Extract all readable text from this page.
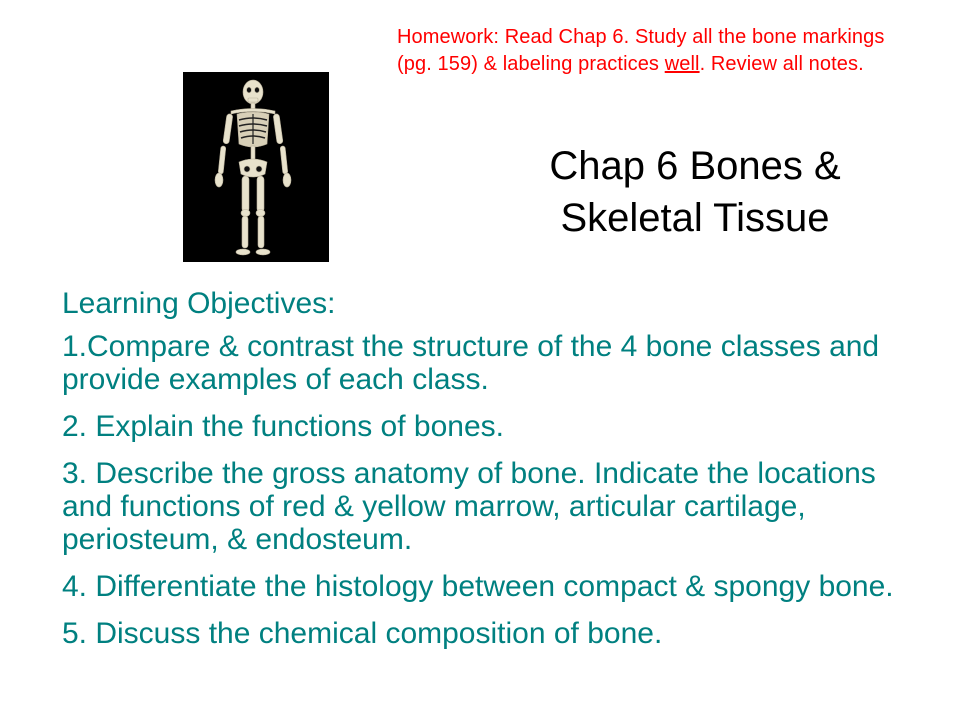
Homework: Read Chap 6. Study all the bone markings (pg. 159) & labeling practices well. Review all notes.
Chap 6 Bones &
Skeletal Tissue
Learning Objectives:
1.Compare & contrast the structure of the 4 bone classes and provide examples of each class.
2. Explain the functions of bones.
3. Describe the gross anatomy of bone. Indicate the locations and functions of red & yellow marrow, articular cartilage, periosteum, & endosteum.
4. Differentiate the histology between compact & spongy bone.
5. Discuss the chemical composition of bone.
